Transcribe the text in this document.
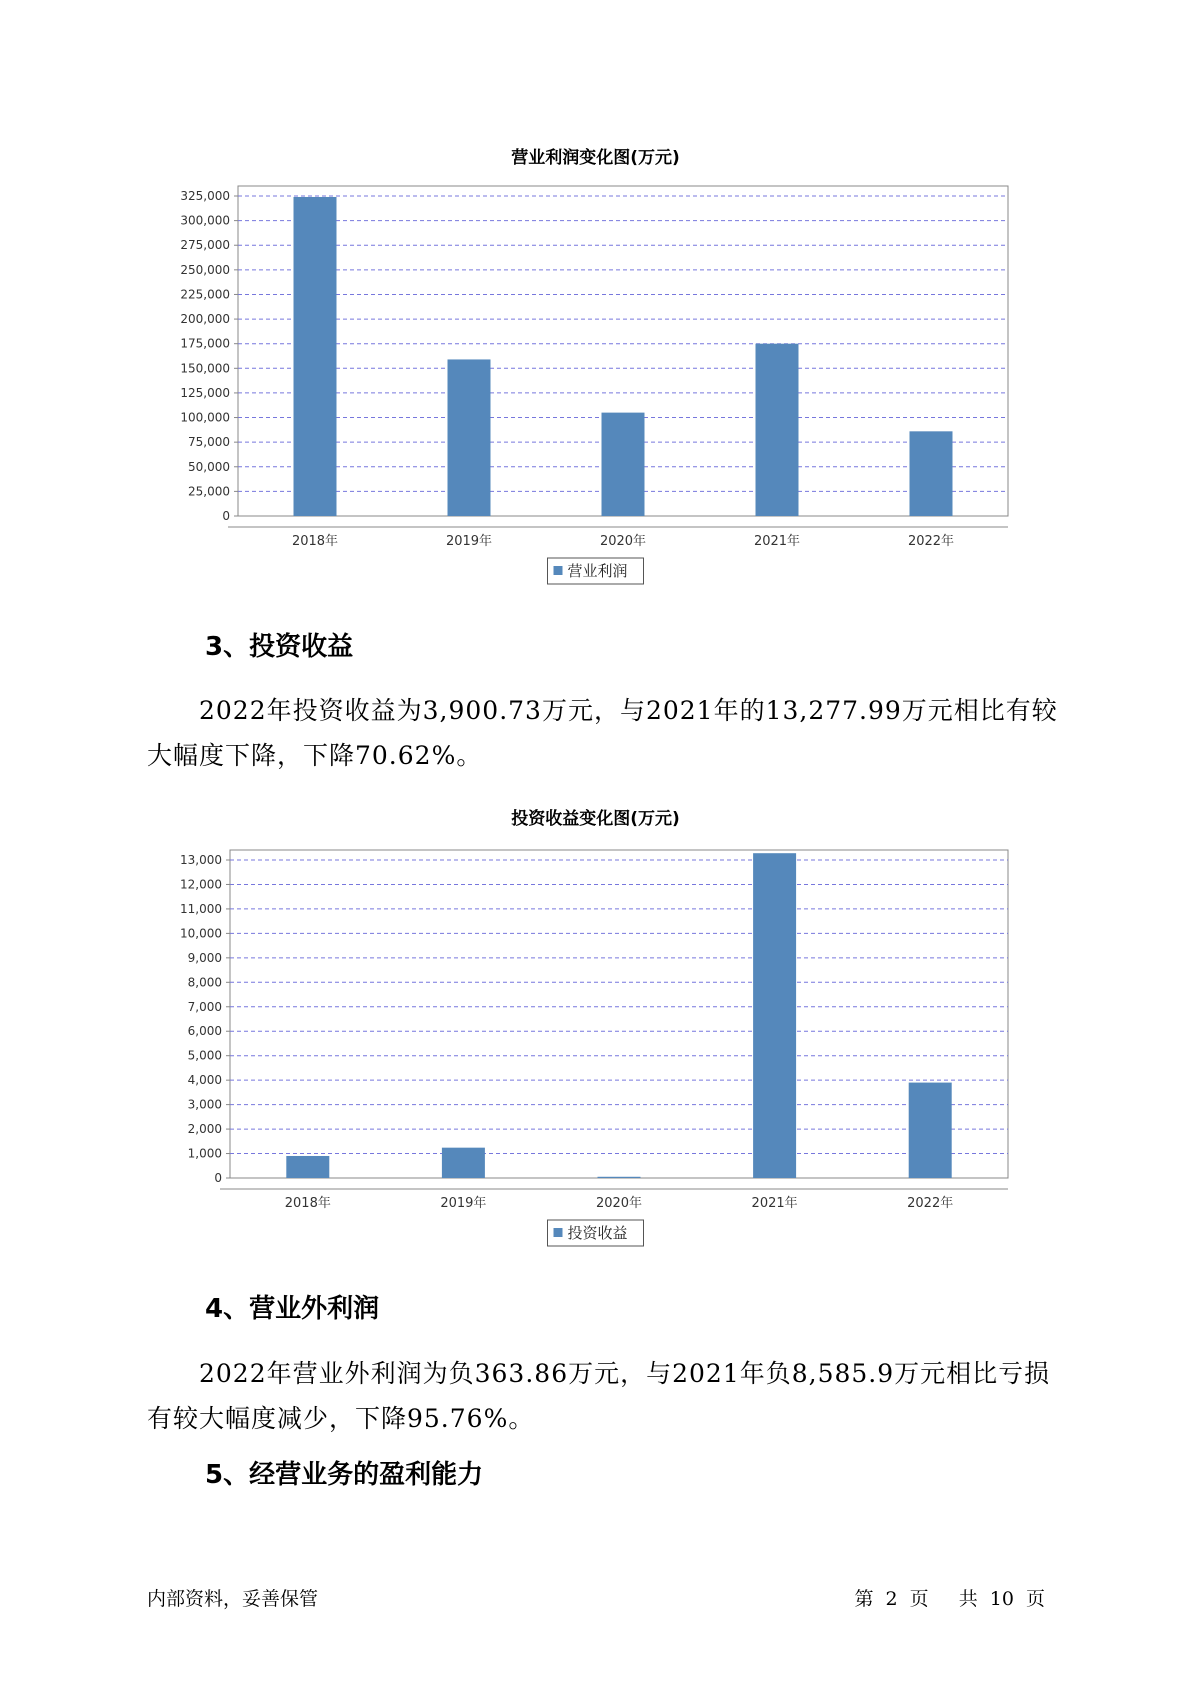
营业利润变化图(万元)
0
25,000
50,000
75,000
100,000
125,000
150,000
175,000
200,000
225,000
250,000
275,000
300,000
325,000
2018年	2019年	2020年	2021年	2022年
营业利润
3、投资收益
2022年投资收益为3,900.73万元，与2021年的13,277.99万元相比有较
大幅度下降，下降70.62%。
投资收益变化图(万元)
0
1,000
2,000
3,000
4,000
5,000
6,000
7,000
8,000
9,000
10,000
11,000
12,000
13,000
2018年	2019年	2020年	2021年	2022年
投资收益
4、营业外利润
2022年营业外利润为负363.86万元，与2021年负8,585.9万元相比亏损
有较大幅度减少，下降95.76%。
5、经营业务的盈利能力
内部资料，妥善保管	第 2 页 共 10 页
